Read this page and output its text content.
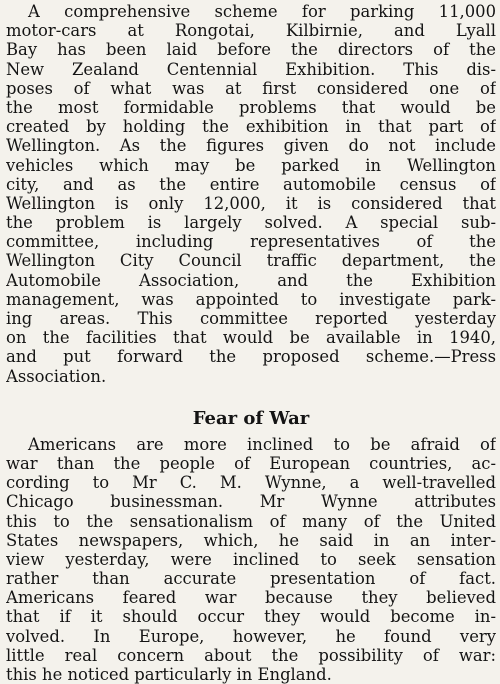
A comprehensive scheme for parking 11,000
motor-cars at Rongotai, Kilbirnie, and Lyall
Bay has been laid before the directors of the
New Zealand Centennial Exhibition. This dis-
poses of what was at first considered one of
the most formidable problems that would be
created by holding the exhibition in that part of
Wellington. As the figures given do not include
vehicles which may be parked in Wellington
city, and as the entire automobile census of
Wellington is only 12,000, it is considered that
the problem is largely solved. A special sub-
committee, including representatives of the
Wellington City Council traffic department, the
Automobile Association, and the Exhibition
management, was appointed to investigate park-
ing areas. This committee reported yesterday
on the facilities that would be available in 1940,
and put forward the proposed scheme.—Press
Association.
Fear of War
Americans are more inclined to be afraid of
war than the people of European countries, ac-
cording to Mr C. M. Wynne, a well-travelled
Chicago businessman. Mr Wynne attributes
this to the sensationalism of many of the United
States newspapers, which, he said in an inter-
view yesterday, were inclined to seek sensation
rather than accurate presentation of fact.
Americans feared war because they believed
that if it should occur they would become in-
volved. In Europe, however, he found very
little real concern about the possibility of war:
this he noticed particularly in England.
